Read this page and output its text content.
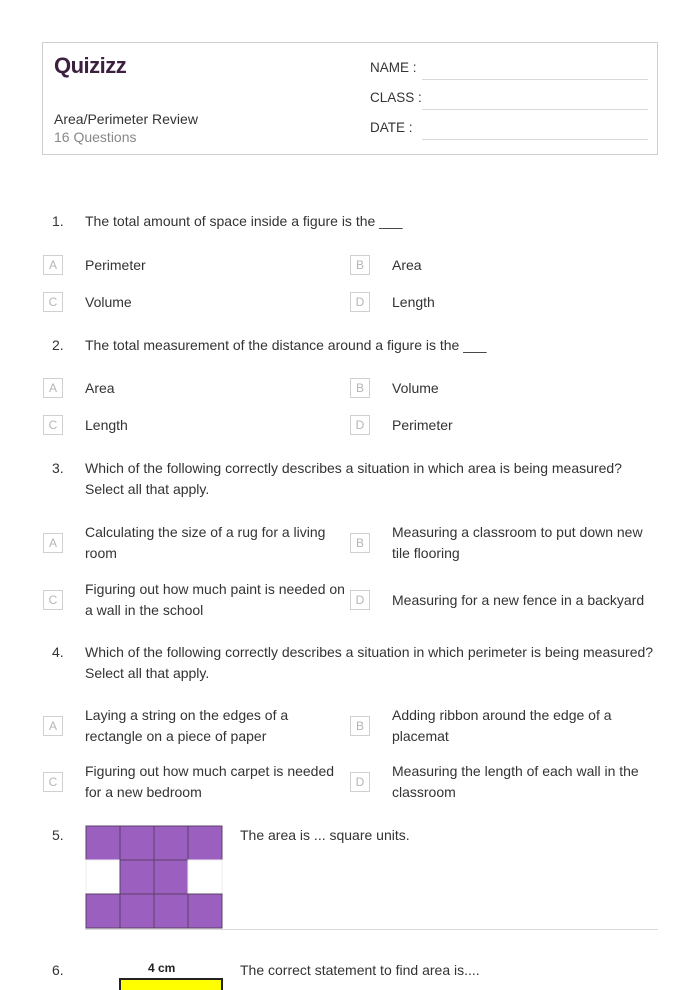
Quizizz
Area/Perimeter Review
16 Questions
NAME :
CLASS :
DATE :
1. The total amount of space inside a figure is the ___
A	Perimeter	B	Area
C	Volume	D	Length
2. The total measurement of the distance around a figure is the ___
A	Area	B	Volume
C	Length	D	Perimeter
3. Which of the following correctly describes a situation in which area is being measured? Select all that apply.
A
Calculating the size of a rug for a living room
B
Measuring a classroom to put down new tile flooring
C
Figuring out how much paint is needed on a wall in the school
D	Measuring for a new fence in a backyard
4. Which of the following correctly describes a situation in which perimeter is being measured? Select all that apply.
A
Laying a string on the edges of a rectangle on a piece of paper
B
Adding ribbon around the edge of a placemat
C
Figuring out how much carpet is needed for a new bedroom
D
Measuring the length of each wall in the classroom
5.	The area is ... square units.
6.	The correct statement to find area is....
4 cm
